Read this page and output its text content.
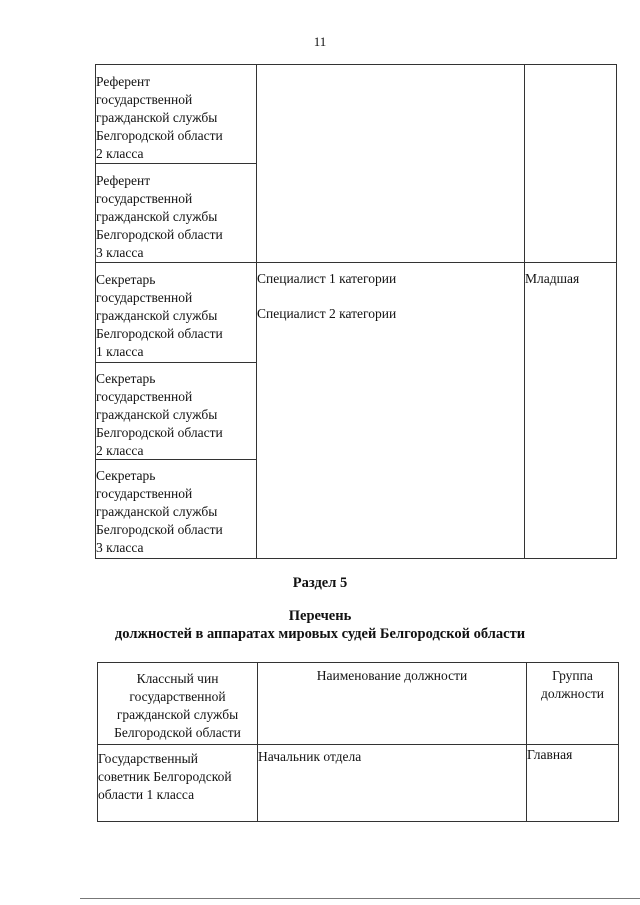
11
Референт
государственной
гражданской службы
Белгородской области
2 класса
Референт
государственной
гражданской службы
Белгородской области
3 класса
Секретарь
государственной
гражданской службы
Белгородской области
1 класса
Секретарь
государственной
гражданской службы
Белгородской области
2 класса
Секретарь
государственной
гражданской службы
Белгородской области
3 класса
Специалист 1 категории
Специалист 2 категории
Младшая
Раздел 5
Перечень
должностей в аппаратах мировых судей Белгородской области
Классный чин
государственной
гражданской службы
Белгородской области
Наименование должности	Группа
должности
Государственный
советник Белгородской
области 1 класса
Начальник отдела	Главная
